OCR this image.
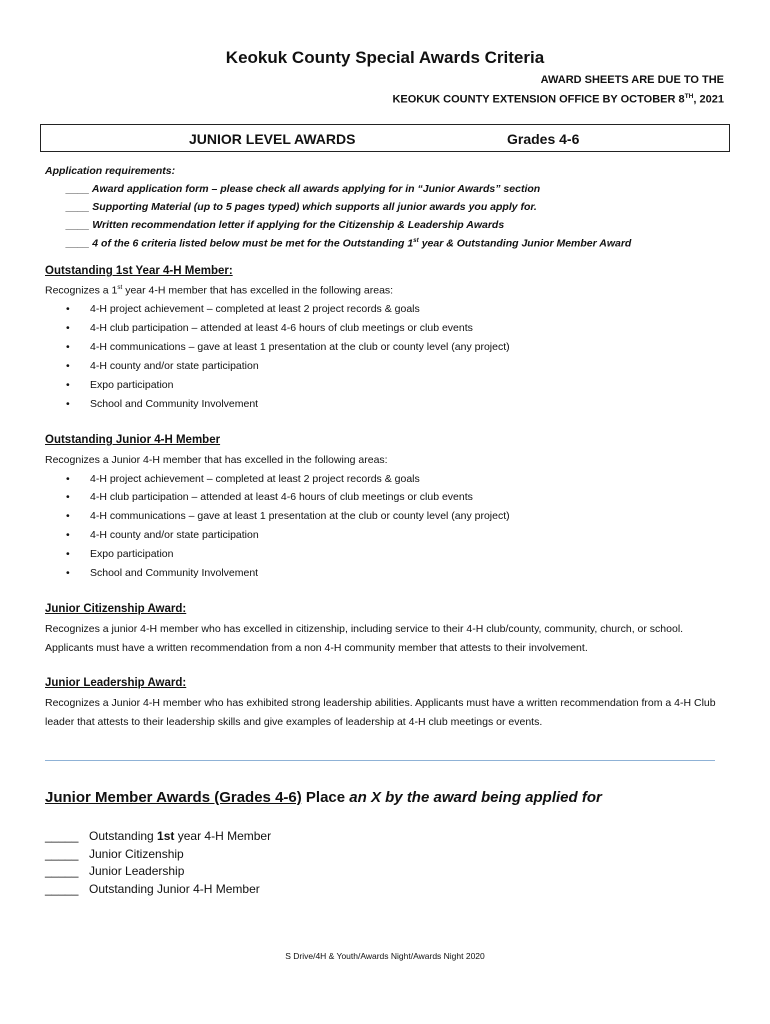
Keokuk County Special Awards Criteria
AWARD SHEETS ARE DUE TO THE
KEOKUK COUNTY EXTENSION OFFICE BY OCTOBER 8TH, 2021
JUNIOR LEVEL AWARDS	Grades 4-6
Application requirements:
____ Award application form – please check all awards applying for in “Junior Awards” section
____ Supporting Material (up to 5 pages typed) which supports all junior awards you apply for.
____ Written recommendation letter if applying for the Citizenship & Leadership Awards
____ 4 of the 6 criteria listed below must be met for the Outstanding 1st year & Outstanding Junior Member Award
Outstanding 1st Year 4-H Member:
Recognizes a 1st year 4-H member that has excelled in the following areas:
• 4-H project achievement – completed at least 2 project records & goals
• 4-H club participation – attended at least 4-6 hours of club meetings or club events
• 4-H communications – gave at least 1 presentation at the club or county level (any project)
• 4-H county and/or state participation
• Expo participation
• School and Community Involvement
Outstanding Junior 4-H Member
Recognizes a Junior 4-H member that has excelled in the following areas:
• 4-H project achievement – completed at least 2 project records & goals
• 4-H club participation – attended at least 4-6 hours of club meetings or club events
• 4-H communications – gave at least 1 presentation at the club or county level (any project)
• 4-H county and/or state participation
• Expo participation
• School and Community Involvement
Junior Citizenship Award:
Recognizes a junior 4-H member who has excelled in citizenship, including service to their 4-H club/county, community, church, or school. Applicants must have a written recommendation from a non 4-H community member that attests to their involvement.
Junior Leadership Award:
Recognizes a Junior 4-H member who has exhibited strong leadership abilities. Applicants must have a written recommendation from a 4-H Club leader that attests to their leadership skills and give examples of leadership at 4-H club meetings or events.
Junior Member Awards (Grades 4-6) Place an X by the award being applied for
_____ Outstanding 1st year 4-H Member
_____ Junior Citizenship
_____ Junior Leadership
_____ Outstanding Junior 4-H Member
S Drive/4H & Youth/Awards Night/Awards Night 2020
